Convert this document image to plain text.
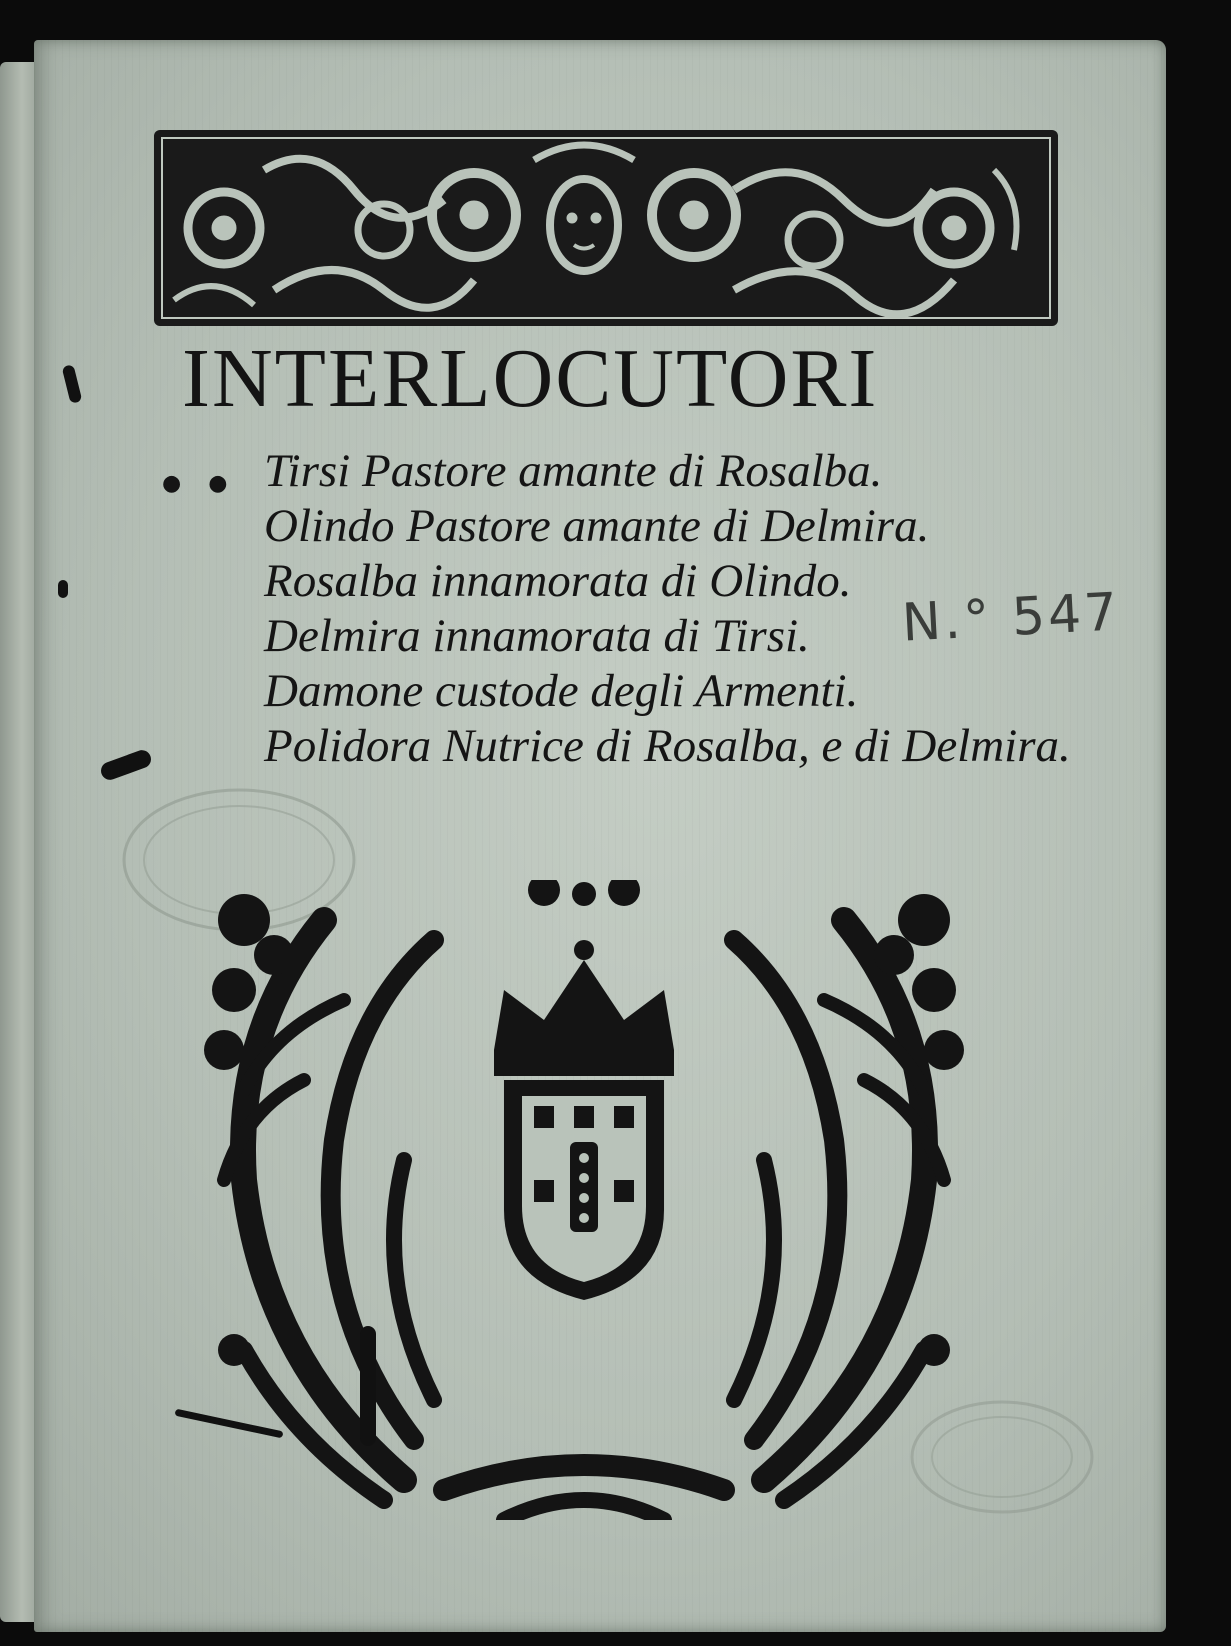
INTERLOCUTORI
● ● Tirsi Pastore amante di Rosalba.
Olindo Pastore amante di Delmira.
Rosalba innamorata di Olindo.
Delmira innamorata di Tirsi.
Damone custode degli Armenti.
Polidora Nutrice di Rosalba, e di Delmira.
N.° 547
